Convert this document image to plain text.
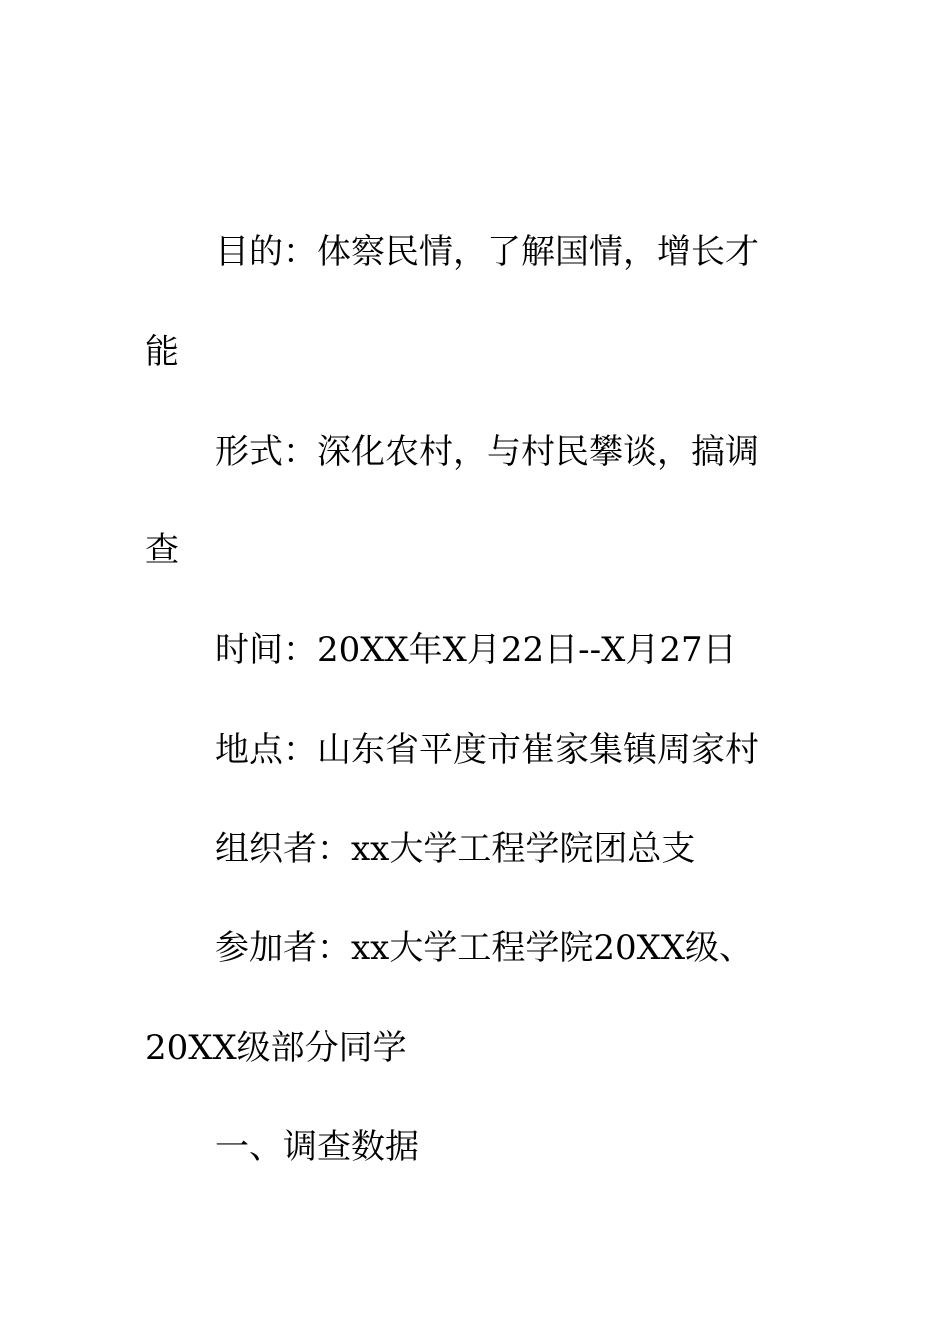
目的：体察民情，了解国情，增长才
能
形式：深化农村，与村民攀谈，搞调
查
时间：20XX年X月22日--X月27日
地点：山东省平度市崔家集镇周家村
组织者：xx大学工程学院团总支
参加者：xx大学工程学院20XX级、
20XX级部分同学
一、调查数据
